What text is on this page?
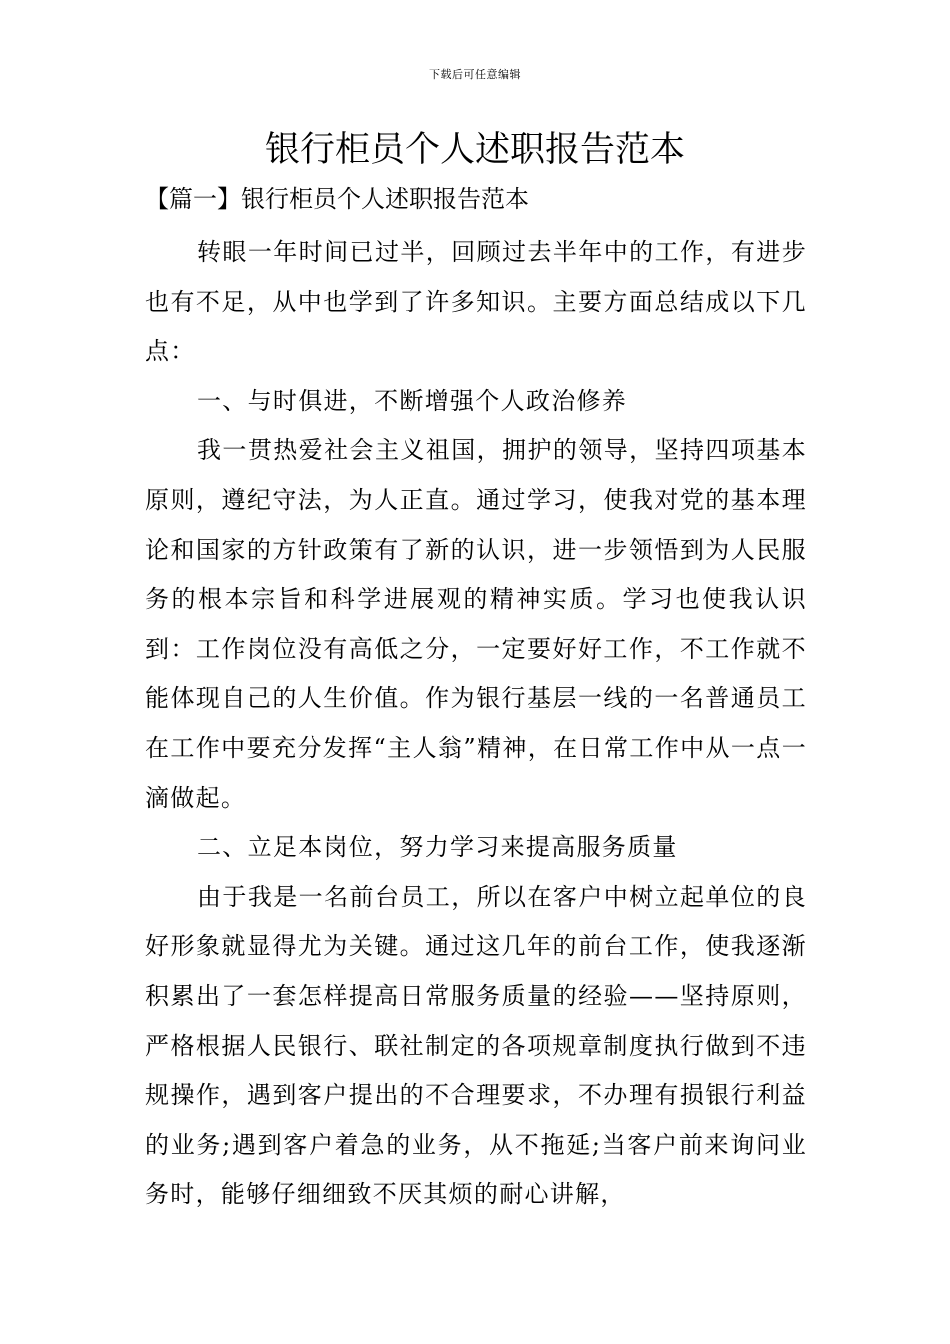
下载后可任意编辑
银行柜员个人述职报告范本

【篇一】银行柜员个人述职报告范本

转眼一年时间已过半，回顾过去半年中的工作，有进步也有不足，从中也学到了许多知识。主要方面总结成以下几点：

一、与时俱进，不断增强个人政治修养

我一贯热爱社会主义祖国，拥护的领导，坚持四项基本原则，遵纪守法，为人正直。通过学习，使我对党的基本理论和国家的方针政策有了新的认识，进一步领悟到为人民服务的根本宗旨和科学进展观的精神实质。学习也使我认识到：工作岗位没有高低之分，一定要好好工作，不工作就不能体现自己的人生价值。作为银行基层一线的一名普通员工在工作中要充分发挥“主人翁”精神，在日常工作中从一点一滴做起。

二、立足本岗位，努力学习来提高服务质量

由于我是一名前台员工，所以在客户中树立起单位的良好形象就显得尤为关键。通过这几年的前台工作，使我逐渐积累出了一套怎样提高日常服务质量的经验——坚持原则，严格根据人民银行、联社制定的各项规章制度执行做到不违规操作，遇到客户提出的不合理要求，不办理有损银行利益的业务;遇到客户着急的业务，从不拖延;当客户前来询问业务时，能够仔细细致不厌其烦的耐心讲解，
